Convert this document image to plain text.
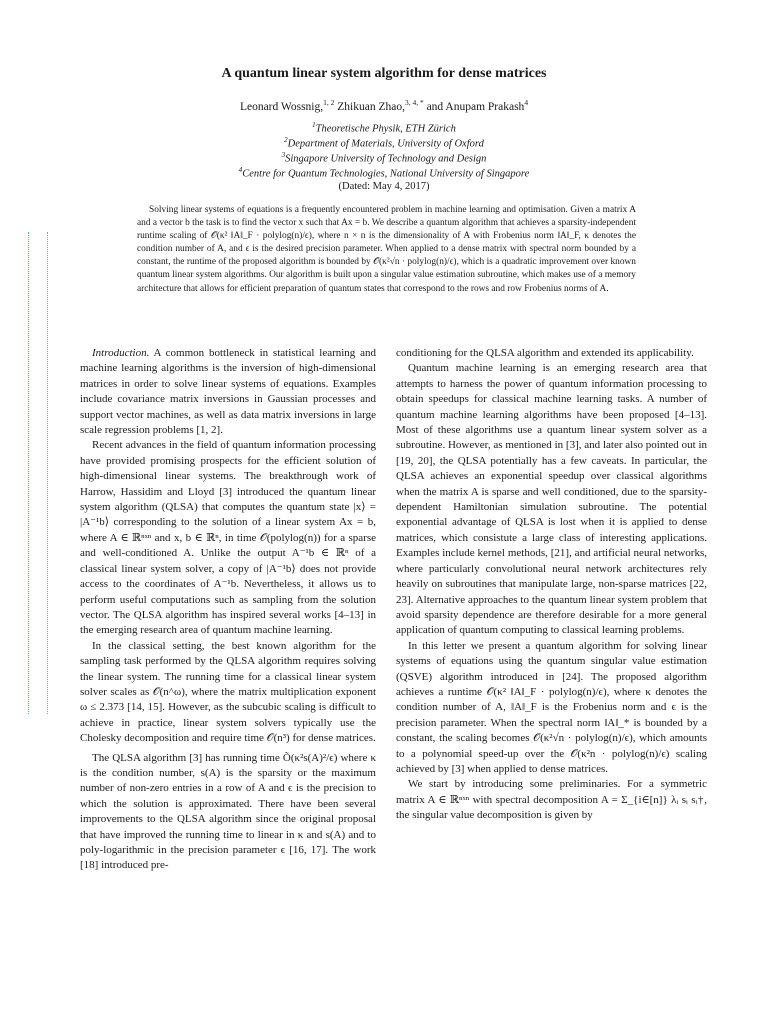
A quantum linear system algorithm for dense matrices
Leonard Wossnig,$^{1, 2}$ Zhikuan Zhao,$^{3, 4, *}$ and Anupam Prakash$^4$
$^1$Theoretische Physik, ETH Zürich
$^2$Department of Materials, University of Oxford
$^3$Singapore University of Technology and Design
$^4$Centre for Quantum Technologies, National University of Singapore
(Dated: May 4, 2017)
Solving linear systems of equations is a frequently encountered problem in machine learning and optimisation. Given a matrix A and a vector b the task is to find the vector x such that Ax = b. We describe a quantum algorithm that achieves a sparsity-independent runtime scaling of 𝒪(κ² ‖A‖_F · polylog(n)/ϵ), where n × n is the dimensionality of A with Frobenius norm ‖A‖_F, κ denotes the condition number of A, and ϵ is the desired precision parameter. When applied to a dense matrix with spectral norm bounded by a constant, the runtime of the proposed algorithm is bounded by 𝒪(κ²√n · polylog(n)/ϵ), which is a quadratic improvement over known quantum linear system algorithms. Our algorithm is built upon a singular value estimation subroutine, which makes use of a memory architecture that allows for efficient preparation of quantum states that correspond to the rows and row Frobenius norms of A.

Introduction. A common bottleneck in statistical learning and machine learning algorithms is the inversion of high-dimensional matrices in order to solve linear systems of equations. Examples include covariance matrix inversions in Gaussian processes and support vector machines, as well as data matrix inversions in large scale regression problems [1, 2].

Recent advances in the field of quantum information processing have provided promising prospects for the efficient solution of high-dimensional linear systems. The breakthrough work of Harrow, Hassidim and Lloyd [3] introduced the quantum linear system algorithm (QLSA) that computes the quantum state |x⟩ = |A⁻¹b⟩ corresponding to the solution of a linear system Ax = b, where A ∈ ℝⁿˣⁿ and x, b ∈ ℝⁿ, in time 𝒪(polylog(n)) for a sparse and well-conditioned A. Unlike the output A⁻¹b ∈ ℝⁿ of a classical linear system solver, a copy of |A⁻¹b⟩ does not provide access to the coordinates of A⁻¹b. Nevertheless, it allows us to perform useful computations such as sampling from the solution vector. The QLSA algorithm has inspired several works [4–13] in the emerging research area of quantum machine learning.

In the classical setting, the best known algorithm for the sampling task performed by the QLSA algorithm requires solving the linear system. The running time for a classical linear system solver scales as 𝒪(n^ω), where the matrix multiplication exponent ω ≤ 2.373 [14, 15]. However, as the subcubic scaling is difficult to achieve in practice, linear system solvers typically use the Cholesky decomposition and require time 𝒪(n³) for dense matrices.

The QLSA algorithm [3] has running time Õ(κ²s(A)²/ϵ) where κ is the condition number, s(A) is the sparsity or the maximum number of non-zero entries in a row of A and ϵ is the precision to which the solution is approximated. There have been several improvements to the QLSA algorithm since the original proposal that have improved the running time to linear in κ and s(A) and to poly-logarithmic in the precision parameter ϵ [16, 17]. The work [18] introduced pre-

conditioning for the QLSA algorithm and extended its applicability.

Quantum machine learning is an emerging research area that attempts to harness the power of quantum information processing to obtain speedups for classical machine learning tasks. A number of quantum machine learning algorithms have been proposed [4–13]. Most of these algorithms use a quantum linear system solver as a subroutine. However, as mentioned in [3], and later also pointed out in [19, 20], the QLSA potentially has a few caveats. In particular, the QLSA achieves an exponential speedup over classical algorithms when the matrix A is sparse and well conditioned, due to the sparsity-dependent Hamiltonian simulation subroutine. The potential exponential advantage of QLSA is lost when it is applied to dense matrices, which consistute a large class of interesting applications. Examples include kernel methods, [21], and artificial neural networks, where particularly convolutional neural network architectures rely heavily on subroutines that manipulate large, non-sparse matrices [22, 23]. Alternative approaches to the quantum linear system problem that avoid sparsity dependence are therefore desirable for a more general application of quantum computing to classical learning problems.

In this letter we present a quantum algorithm for solving linear systems of equations using the quantum singular value estimation (QSVE) algorithm introduced in [24]. The proposed algorithm achieves a runtime 𝒪(κ² ‖A‖_F · polylog(n)/ϵ), where κ denotes the condition number of A, ‖A‖_F is the Frobenius norm and ϵ is the precision parameter. When the spectral norm ‖A‖_* is bounded by a constant, the scaling becomes 𝒪(κ²√n · polylog(n)/ϵ), which amounts to a polynomial speed-up over the 𝒪(κ²n · polylog(n)/ϵ) scaling achieved by [3] when applied to dense matrices.

We start by introducing some preliminaries. For a symmetric matrix A ∈ ℝⁿˣⁿ with spectral decomposition A = Σ_{i∈[n]} λᵢ sᵢ sᵢ†, the singular value decomposition is given by
